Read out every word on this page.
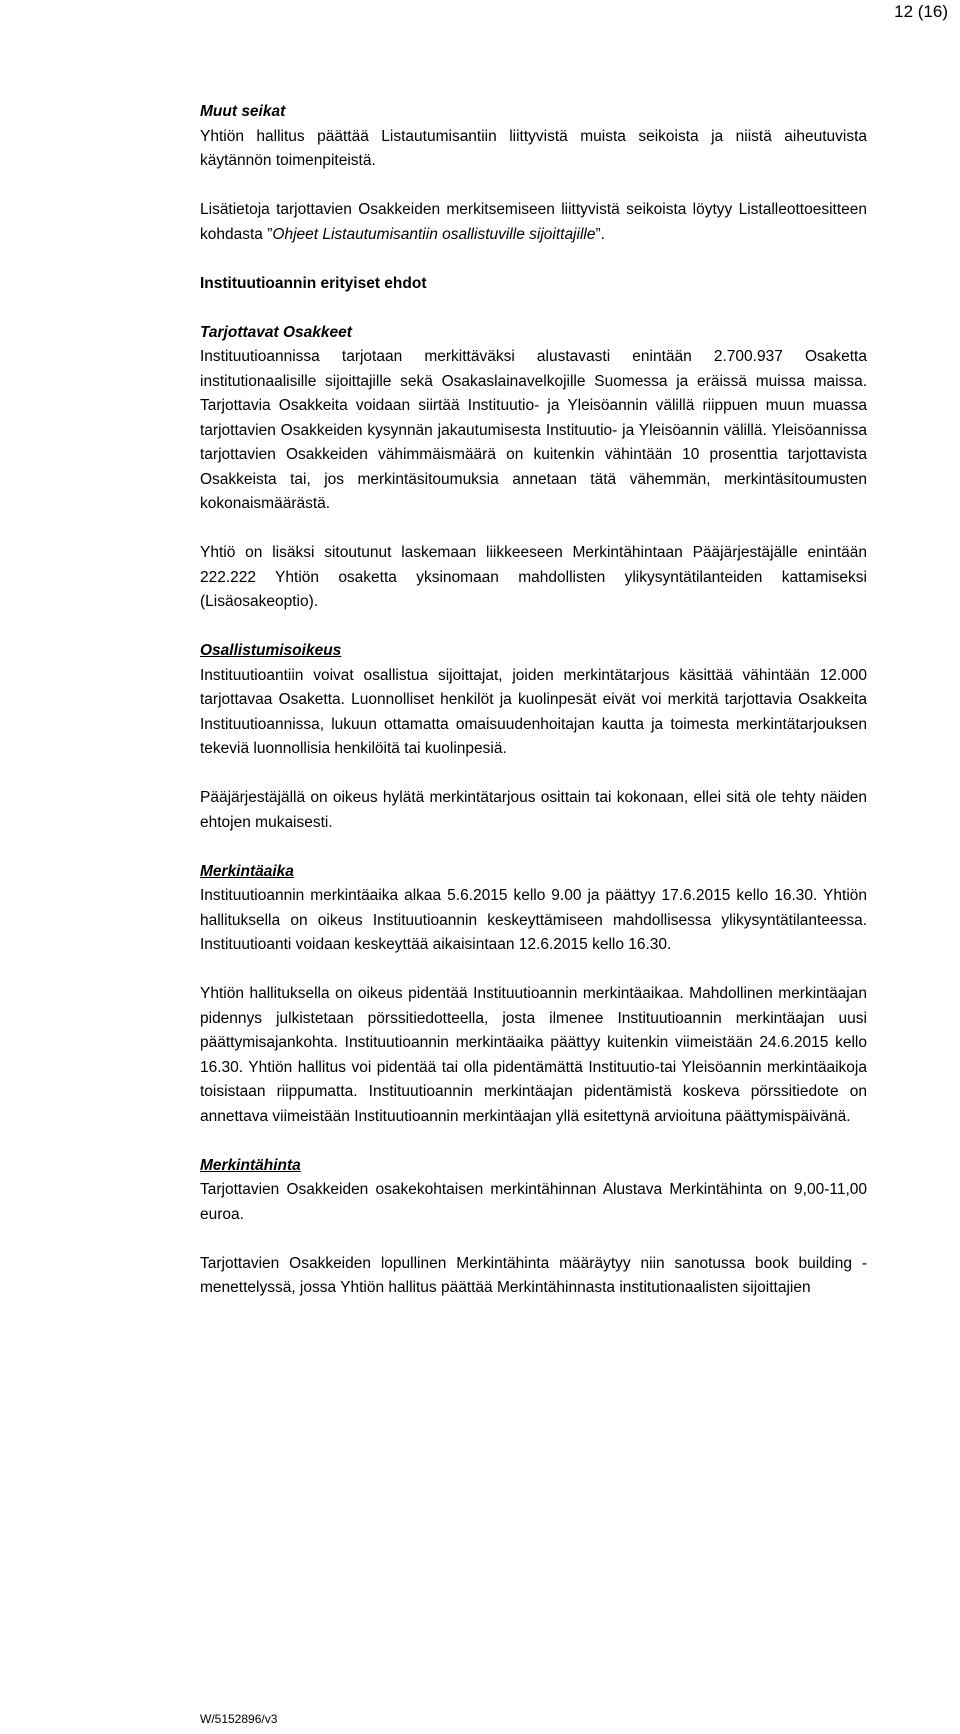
12 (16)

Muut seikat

Yhtiön hallitus päättää Listautumisantiin liittyvistä muista seikoista ja niistä aiheutuvista käytännön toimenpiteistä.

Lisätietoja tarjottavien Osakkeiden merkitsemiseen liittyvistä seikoista löytyy Listalleottoesitteen kohdasta ”Ohjeet Listautumisantiin osallistuville sijoittajille”.

Instituutioannin erityiset ehdot

Tarjottavat Osakkeet

Instituutioannissa tarjotaan merkittäväksi alustavasti enintään 2.700.937 Osaketta institutionaalisille sijoittajille sekä Osakaslainavelkojille Suomessa ja eräissä muissa maissa. Tarjottavia Osakkeita voidaan siirtää Instituutio- ja Yleisöannin välillä riippuen muun muassa tarjottavien Osakkeiden kysynnän jakautumisesta Instituutio- ja Yleisöannin välillä. Yleisöannissa tarjottavien Osakkeiden vähimmäismäärä on kuitenkin vähintään 10 prosenttia tarjottavista Osakkeista tai, jos merkintäsitoumuksia annetaan tätä vähemmän, merkintäsitoumusten kokonaismäärästä.

Yhtiö on lisäksi sitoutunut laskemaan liikkeeseen Merkintähintaan Pääjärjestäjälle enintään 222.222 Yhtiön osaketta yksinomaan mahdollisten ylikysyntätilanteiden kattamiseksi (Lisäosakeoptio).

Osallistumisoikeus

Instituutioantiin voivat osallistua sijoittajat, joiden merkintätarjous käsittää vähintään 12.000 tarjottavaa Osaketta. Luonnolliset henkilöt ja kuolinpesät eivät voi merkitä tarjottavia Osakkeita Instituutioannissa, lukuun ottamatta omaisuudenhoitajan kautta ja toimesta merkintätarjouksen tekeviä luonnollisia henkilöitä tai kuolinpesiä.

Pääjärjestäjällä on oikeus hylätä merkintätarjous osittain tai kokonaan, ellei sitä ole tehty näiden ehtojen mukaisesti.

Merkintäaika

Instituutioannin merkintäaika alkaa 5.6.2015 kello 9.00 ja päättyy 17.6.2015 kello 16.30. Yhtiön hallituksella on oikeus Instituutioannin keskeyttämiseen mahdollisessa ylikysyntätilanteessa. Instituutioanti voidaan keskeyttää aikaisintaan 12.6.2015 kello 16.30.

Yhtiön hallituksella on oikeus pidentää Instituutioannin merkintäaikaa. Mahdollinen merkintäajan pidennys julkistetaan pörssitiedotteella, josta ilmenee Instituutioannin merkintäajan uusi päättymisajankohta. Instituutioannin merkintäaika päättyy kuitenkin viimeistään 24.6.2015 kello 16.30. Yhtiön hallitus voi pidentää tai olla pidentämättä Instituutio-tai Yleisöannin merkintäaikoja toisistaan riippumatta. Instituutioannin merkintäajan pidentämistä koskeva pörssitiedote on annettava viimeistään Instituutioannin merkintäajan yllä esitettynä arvioituna päättymispäivänä.

Merkintähinta

Tarjottavien Osakkeiden osakekohtaisen merkintähinnan Alustava Merkintähinta on 9,00-11,00 euroa.

Tarjottavien Osakkeiden lopullinen Merkintähinta määräytyy niin sanotussa book building -menettelyssä, jossa Yhtiön hallitus päättää Merkintähinnasta institutionaalisten sijoittajien

W/5152896/v3
